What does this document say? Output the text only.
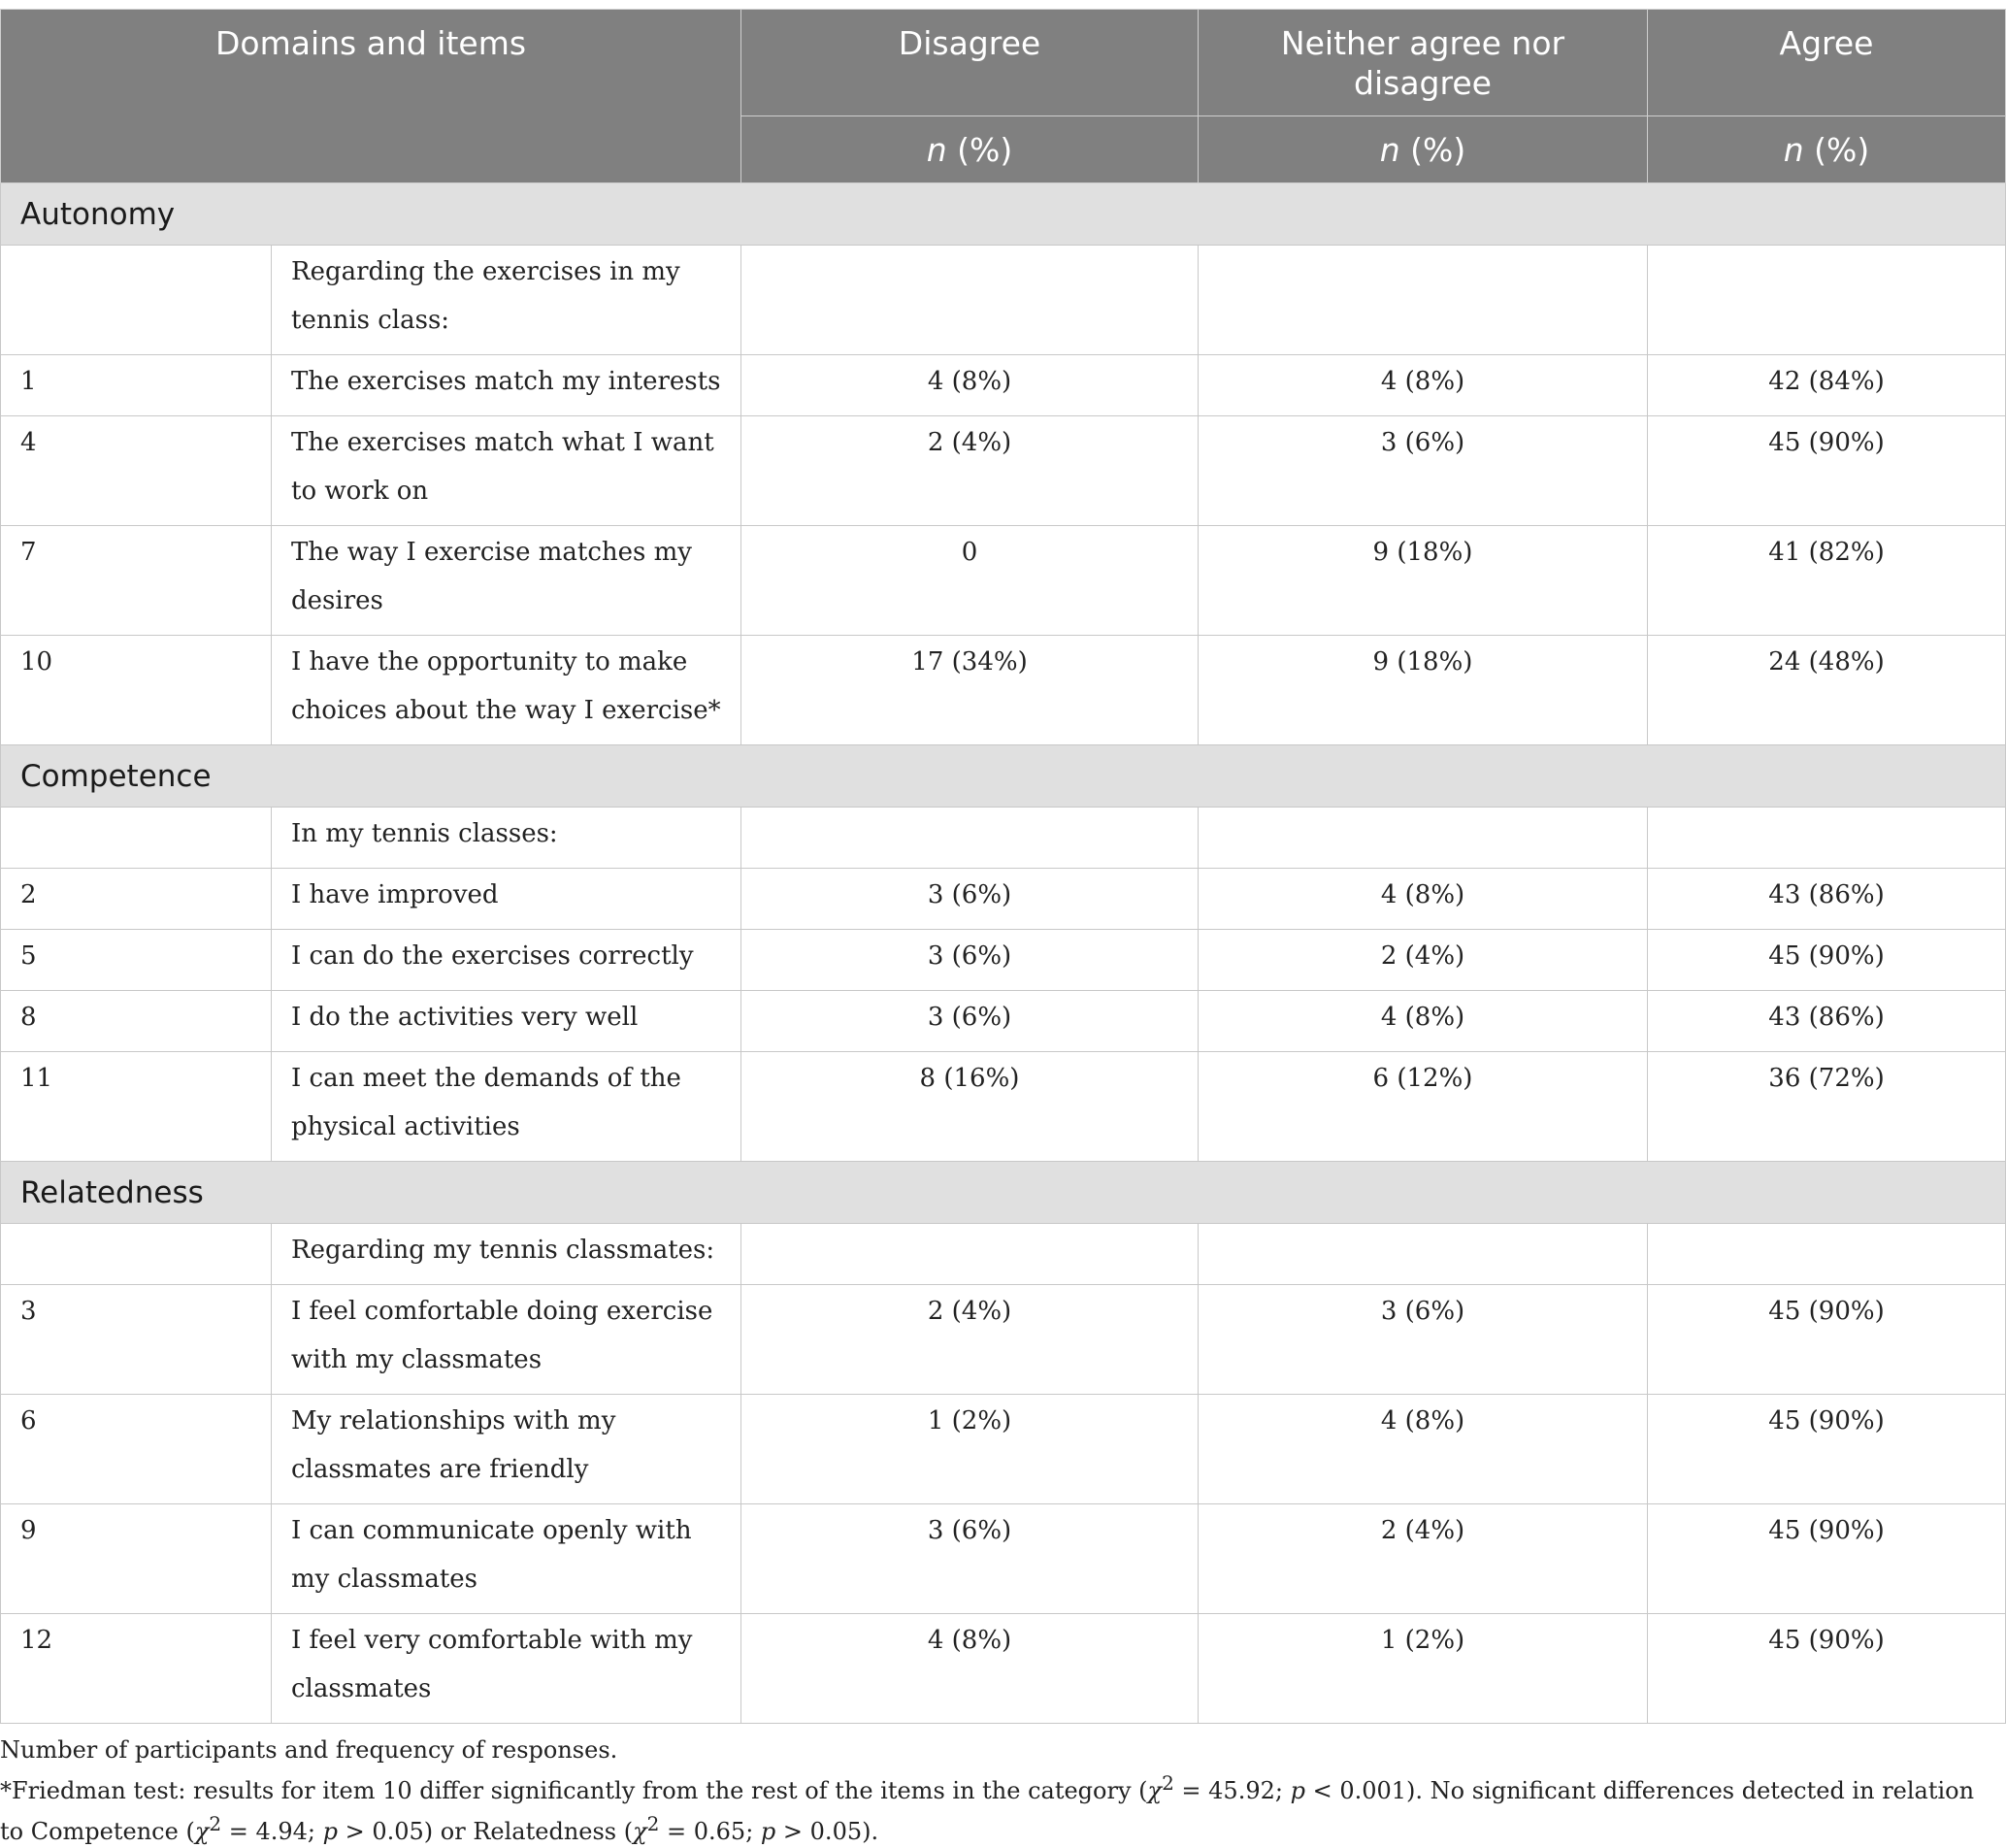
Domains and items		Disagree	Neither agree nor disagree	Agree
		n (%)	n (%)	n (%)
Autonomy				
	Regarding the exercises in my tennis class:			
1	The exercises match my interests	4 (8%)	4 (8%)	42 (84%)
4	The exercises match what I want to work on	2 (4%)	3 (6%)	45 (90%)
7	The way I exercise matches my desires	0	9 (18%)	41 (82%)
10	I have the opportunity to make choices about the way I exercise*	17 (34%)	9 (18%)	24 (48%)
Competence				
	In my tennis classes:			
2	I have improved	3 (6%)	4 (8%)	43 (86%)
5	I can do the exercises correctly	3 (6%)	2 (4%)	45 (90%)
8	I do the activities very well	3 (6%)	4 (8%)	43 (86%)
11	I can meet the demands of the physical activities	8 (16%)	6 (12%)	36 (72%)
Relatedness				
	Regarding my tennis classmates:			
3	I feel comfortable doing exercise with my classmates	2 (4%)	3 (6%)	45 (90%)
6	My relationships with my classmates are friendly	1 (2%)	4 (8%)	45 (90%)
9	I can communicate openly with my classmates	3 (6%)	2 (4%)	45 (90%)
12	I feel very comfortable with my classmates	4 (8%)	1 (2%)	45 (90%)

Number of participants and frequency of responses.

*Friedman test: results for item 10 differ significantly from the rest of the items in the category ($\chi^2 = 45.92$; p < 0.001). No significant differences detected in relation to Competence ($\chi^2 = 4.94$; p > 0.05) or Relatedness ($\chi^2 = 0.65$; p > 0.05).
